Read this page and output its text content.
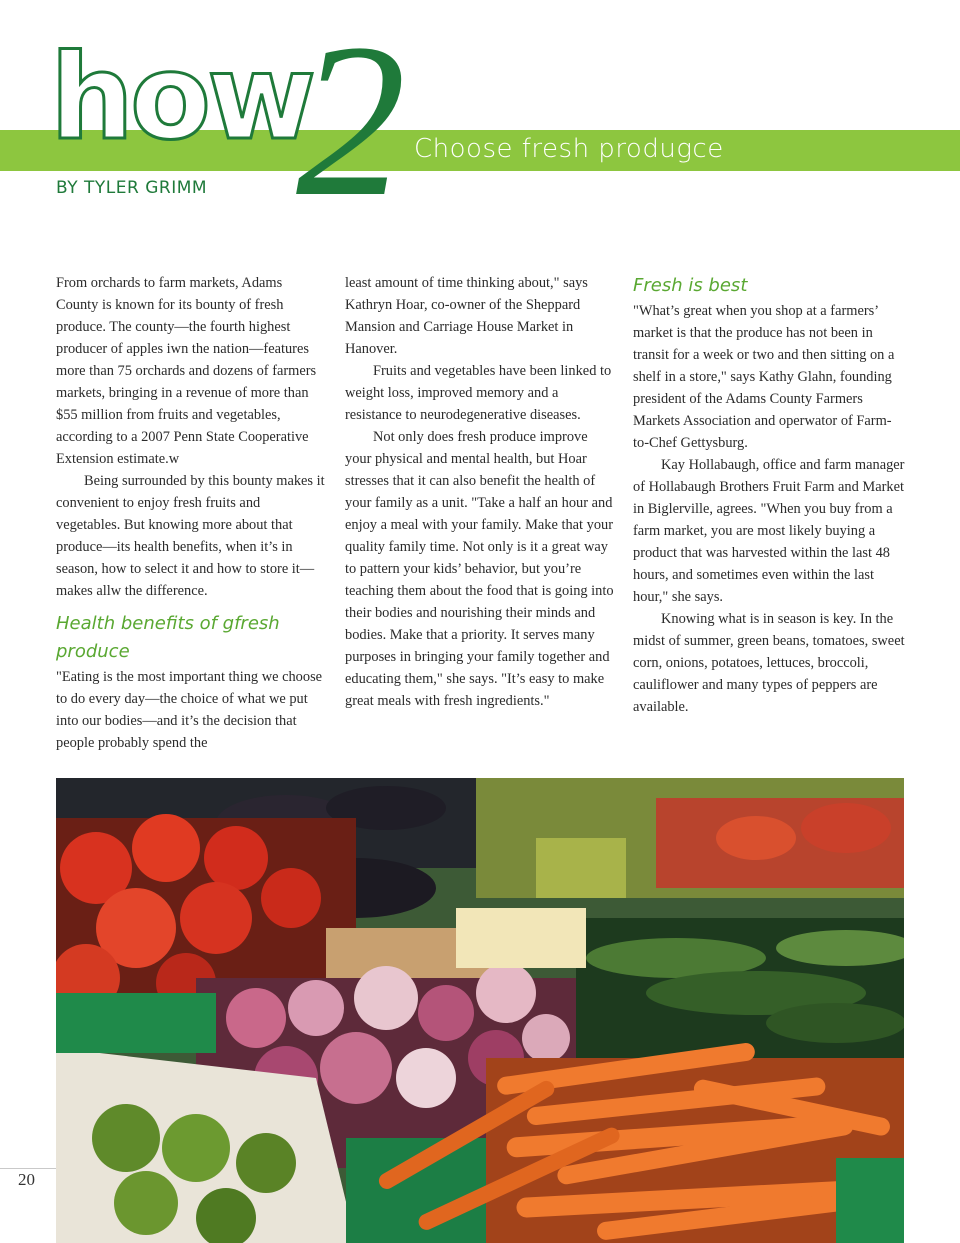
how
2 Choose fresh produgce
BY TYLER GRIMM

From orchards to farm markets, Adams County is known for its bounty of fresh produce. The county—the fourth highest producer of apples iwn the nation—features more than 75 orchards and dozens of farmers markets, bringing in a revenue of more than $55 million from fruits and vegetables, according to a 2007 Penn State Cooperative Extension estimate.w

Being surrounded by this bounty makes it convenient to enjoy fresh fruits and vegetables. But knowing more about that produce—its health benefits, when it’s in season, how to select it and how to store it—makes allw the difference.

Health benefits of gfresh produce

"Eating is the most important thing we choose to do every day—the choice of what we put into our bodies—and it’s the decision that people probably spend the

least amount of time thinking about," says Kathryn Hoar, co-owner of the Sheppard Mansion and Carriage House Market in Hanover.

Fruits and vegetables have been linked to weight loss, improved memory and a resistance to neurodegenerative diseases.

Not only does fresh produce improve your physical and mental health, but Hoar stresses that it can also benefit the health of your family as a unit. "Take a half an hour and enjoy a meal with your family. Make that your quality family time. Not only is it a great way to pattern your kids’ behavior, but you’re teaching them about the food that is going into their bodies and nourishing their minds and bodies. Make that a priority. It serves many purposes in bringing your family together and educating them," she says. "It’s easy to make great meals with fresh ingredients."

Fresh is best

"What’s great when you shop at a farmers’ market is that the produce has not been in transit for a week or two and then sitting on a shelf in a store," says Kathy Glahn, founding president of the Adams County Farmers Markets Association and operwator of Farm-to-Chef Gettysburg.

Kay Hollabaugh, office and farm manager of Hollabaugh Brothers Fruit Farm and Market in Biglerville, agrees. "When you buy from a farm market, you are most likely buying a product that was harvested within the last 48 hours, and sometimes even within the last hour," she says.

Knowing what is in season is key. In the midst of summer, green beans, tomatoes, sweet corn, onions, potatoes, lettuces, broccoli, cauliflower and many types of peppers are available.

20
